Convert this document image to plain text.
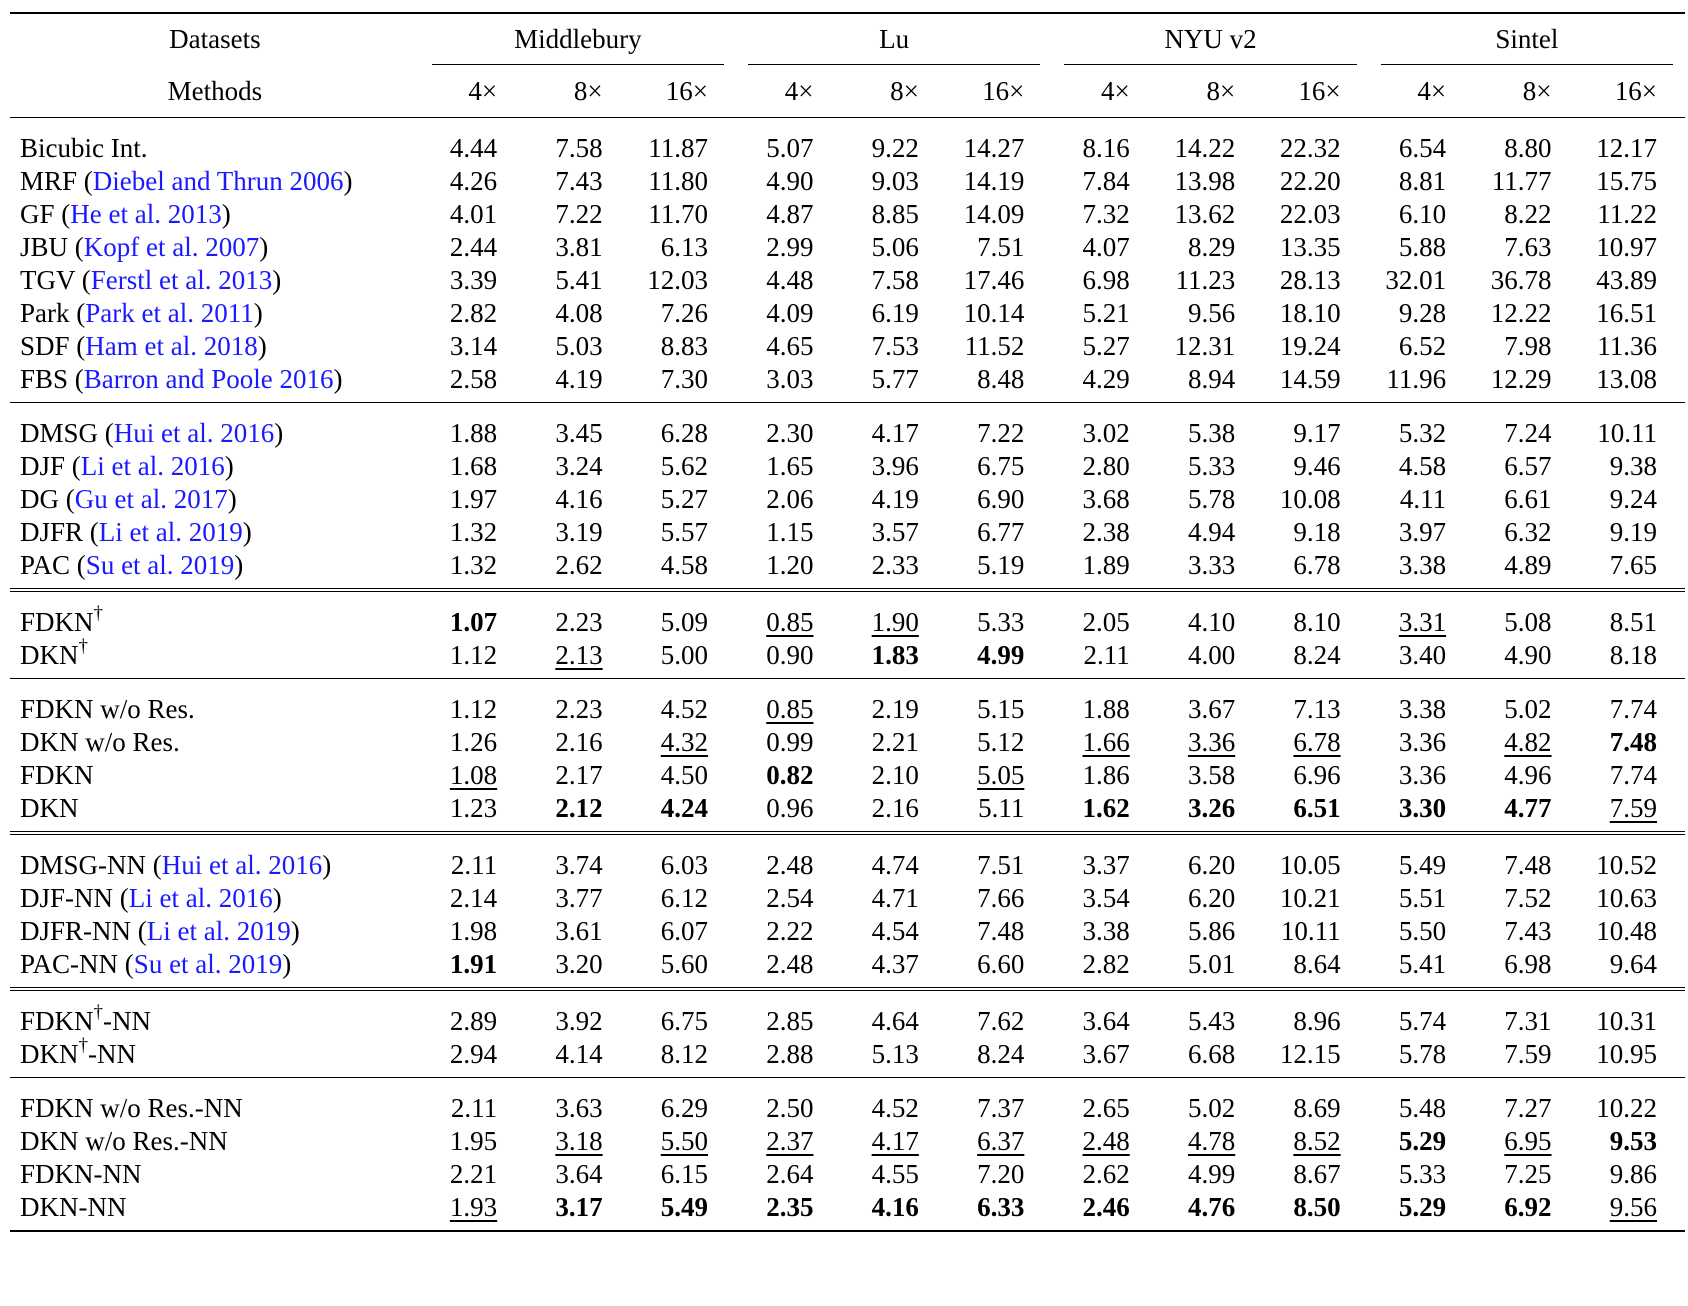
Datasets	Middlebury			Lu			NYU v2			Sintel		

Methods	4×	8×	16×	4×	8×	16×	4×	8×	16×	4×	8×	16×
Bicubic Int.	4.44	7.58	11.87	5.07	9.22	14.27	8.16	14.22	22.32	6.54	8.80	12.17
MRF (Diebel and Thrun 2006)	4.26	7.43	11.80	4.90	9.03	14.19	7.84	13.98	22.20	8.81	11.77	15.75
GF (He et al. 2013)	4.01	7.22	11.70	4.87	8.85	14.09	7.32	13.62	22.03	6.10	8.22	11.22
JBU (Kopf et al. 2007)	2.44	3.81	6.13	2.99	5.06	7.51	4.07	8.29	13.35	5.88	7.63	10.97
TGV (Ferstl et al. 2013)	3.39	5.41	12.03	4.48	7.58	17.46	6.98	11.23	28.13	32.01	36.78	43.89
Park (Park et al. 2011)	2.82	4.08	7.26	4.09	6.19	10.14	5.21	9.56	18.10	9.28	12.22	16.51
SDF (Ham et al. 2018)	3.14	5.03	8.83	4.65	7.53	11.52	5.27	12.31	19.24	6.52	7.98	11.36
FBS (Barron and Poole 2016)	2.58	4.19	7.30	3.03	5.77	8.48	4.29	8.94	14.59	11.96	12.29	13.08
DMSG (Hui et al. 2016)	1.88	3.45	6.28	2.30	4.17	7.22	3.02	5.38	9.17	5.32	7.24	10.11
DJF (Li et al. 2016)	1.68	3.24	5.62	1.65	3.96	6.75	2.80	5.33	9.46	4.58	6.57	9.38
DG (Gu et al. 2017)	1.97	4.16	5.27	2.06	4.19	6.90	3.68	5.78	10.08	4.11	6.61	9.24
DJFR (Li et al. 2019)	1.32	3.19	5.57	1.15	3.57	6.77	2.38	4.94	9.18	3.97	6.32	9.19
PAC (Su et al. 2019)	1.32	2.62	4.58	1.20	2.33	5.19	1.89	3.33	6.78	3.38	4.89	7.65
FDKN†	1.07	2.23	5.09	0.85	1.90	5.33	2.05	4.10	8.10	3.31	5.08	8.51
DKN†	1.12	2.13	5.00	0.90	1.83	4.99	2.11	4.00	8.24	3.40	4.90	8.18
FDKN w/o Res.	1.12	2.23	4.52	0.85	2.19	5.15	1.88	3.67	7.13	3.38	5.02	7.74
DKN w/o Res.	1.26	2.16	4.32	0.99	2.21	5.12	1.66	3.36	6.78	3.36	4.82	7.48
FDKN	1.08	2.17	4.50	0.82	2.10	5.05	1.86	3.58	6.96	3.36	4.96	7.74
DKN	1.23	2.12	4.24	0.96	2.16	5.11	1.62	3.26	6.51	3.30	4.77	7.59
DMSG-NN (Hui et al. 2016)	2.11	3.74	6.03	2.48	4.74	7.51	3.37	6.20	10.05	5.49	7.48	10.52
DJF-NN (Li et al. 2016)	2.14	3.77	6.12	2.54	4.71	7.66	3.54	6.20	10.21	5.51	7.52	10.63
DJFR-NN (Li et al. 2019)	1.98	3.61	6.07	2.22	4.54	7.48	3.38	5.86	10.11	5.50	7.43	10.48
PAC-NN (Su et al. 2019)	1.91	3.20	5.60	2.48	4.37	6.60	2.82	5.01	8.64	5.41	6.98	9.64
FDKN†-NN	2.89	3.92	6.75	2.85	4.64	7.62	3.64	5.43	8.96	5.74	7.31	10.31
DKN†-NN	2.94	4.14	8.12	2.88	5.13	8.24	3.67	6.68	12.15	5.78	7.59	10.95
FDKN w/o Res.-NN	2.11	3.63	6.29	2.50	4.52	7.37	2.65	5.02	8.69	5.48	7.27	10.22
DKN w/o Res.-NN	1.95	3.18	5.50	2.37	4.17	6.37	2.48	4.78	8.52	5.29	6.95	9.53
FDKN-NN	2.21	3.64	6.15	2.64	4.55	7.20	2.62	4.99	8.67	5.33	7.25	9.86
DKN-NN	1.93	3.17	5.49	2.35	4.16	6.33	2.46	4.76	8.50	5.29	6.92	9.56
